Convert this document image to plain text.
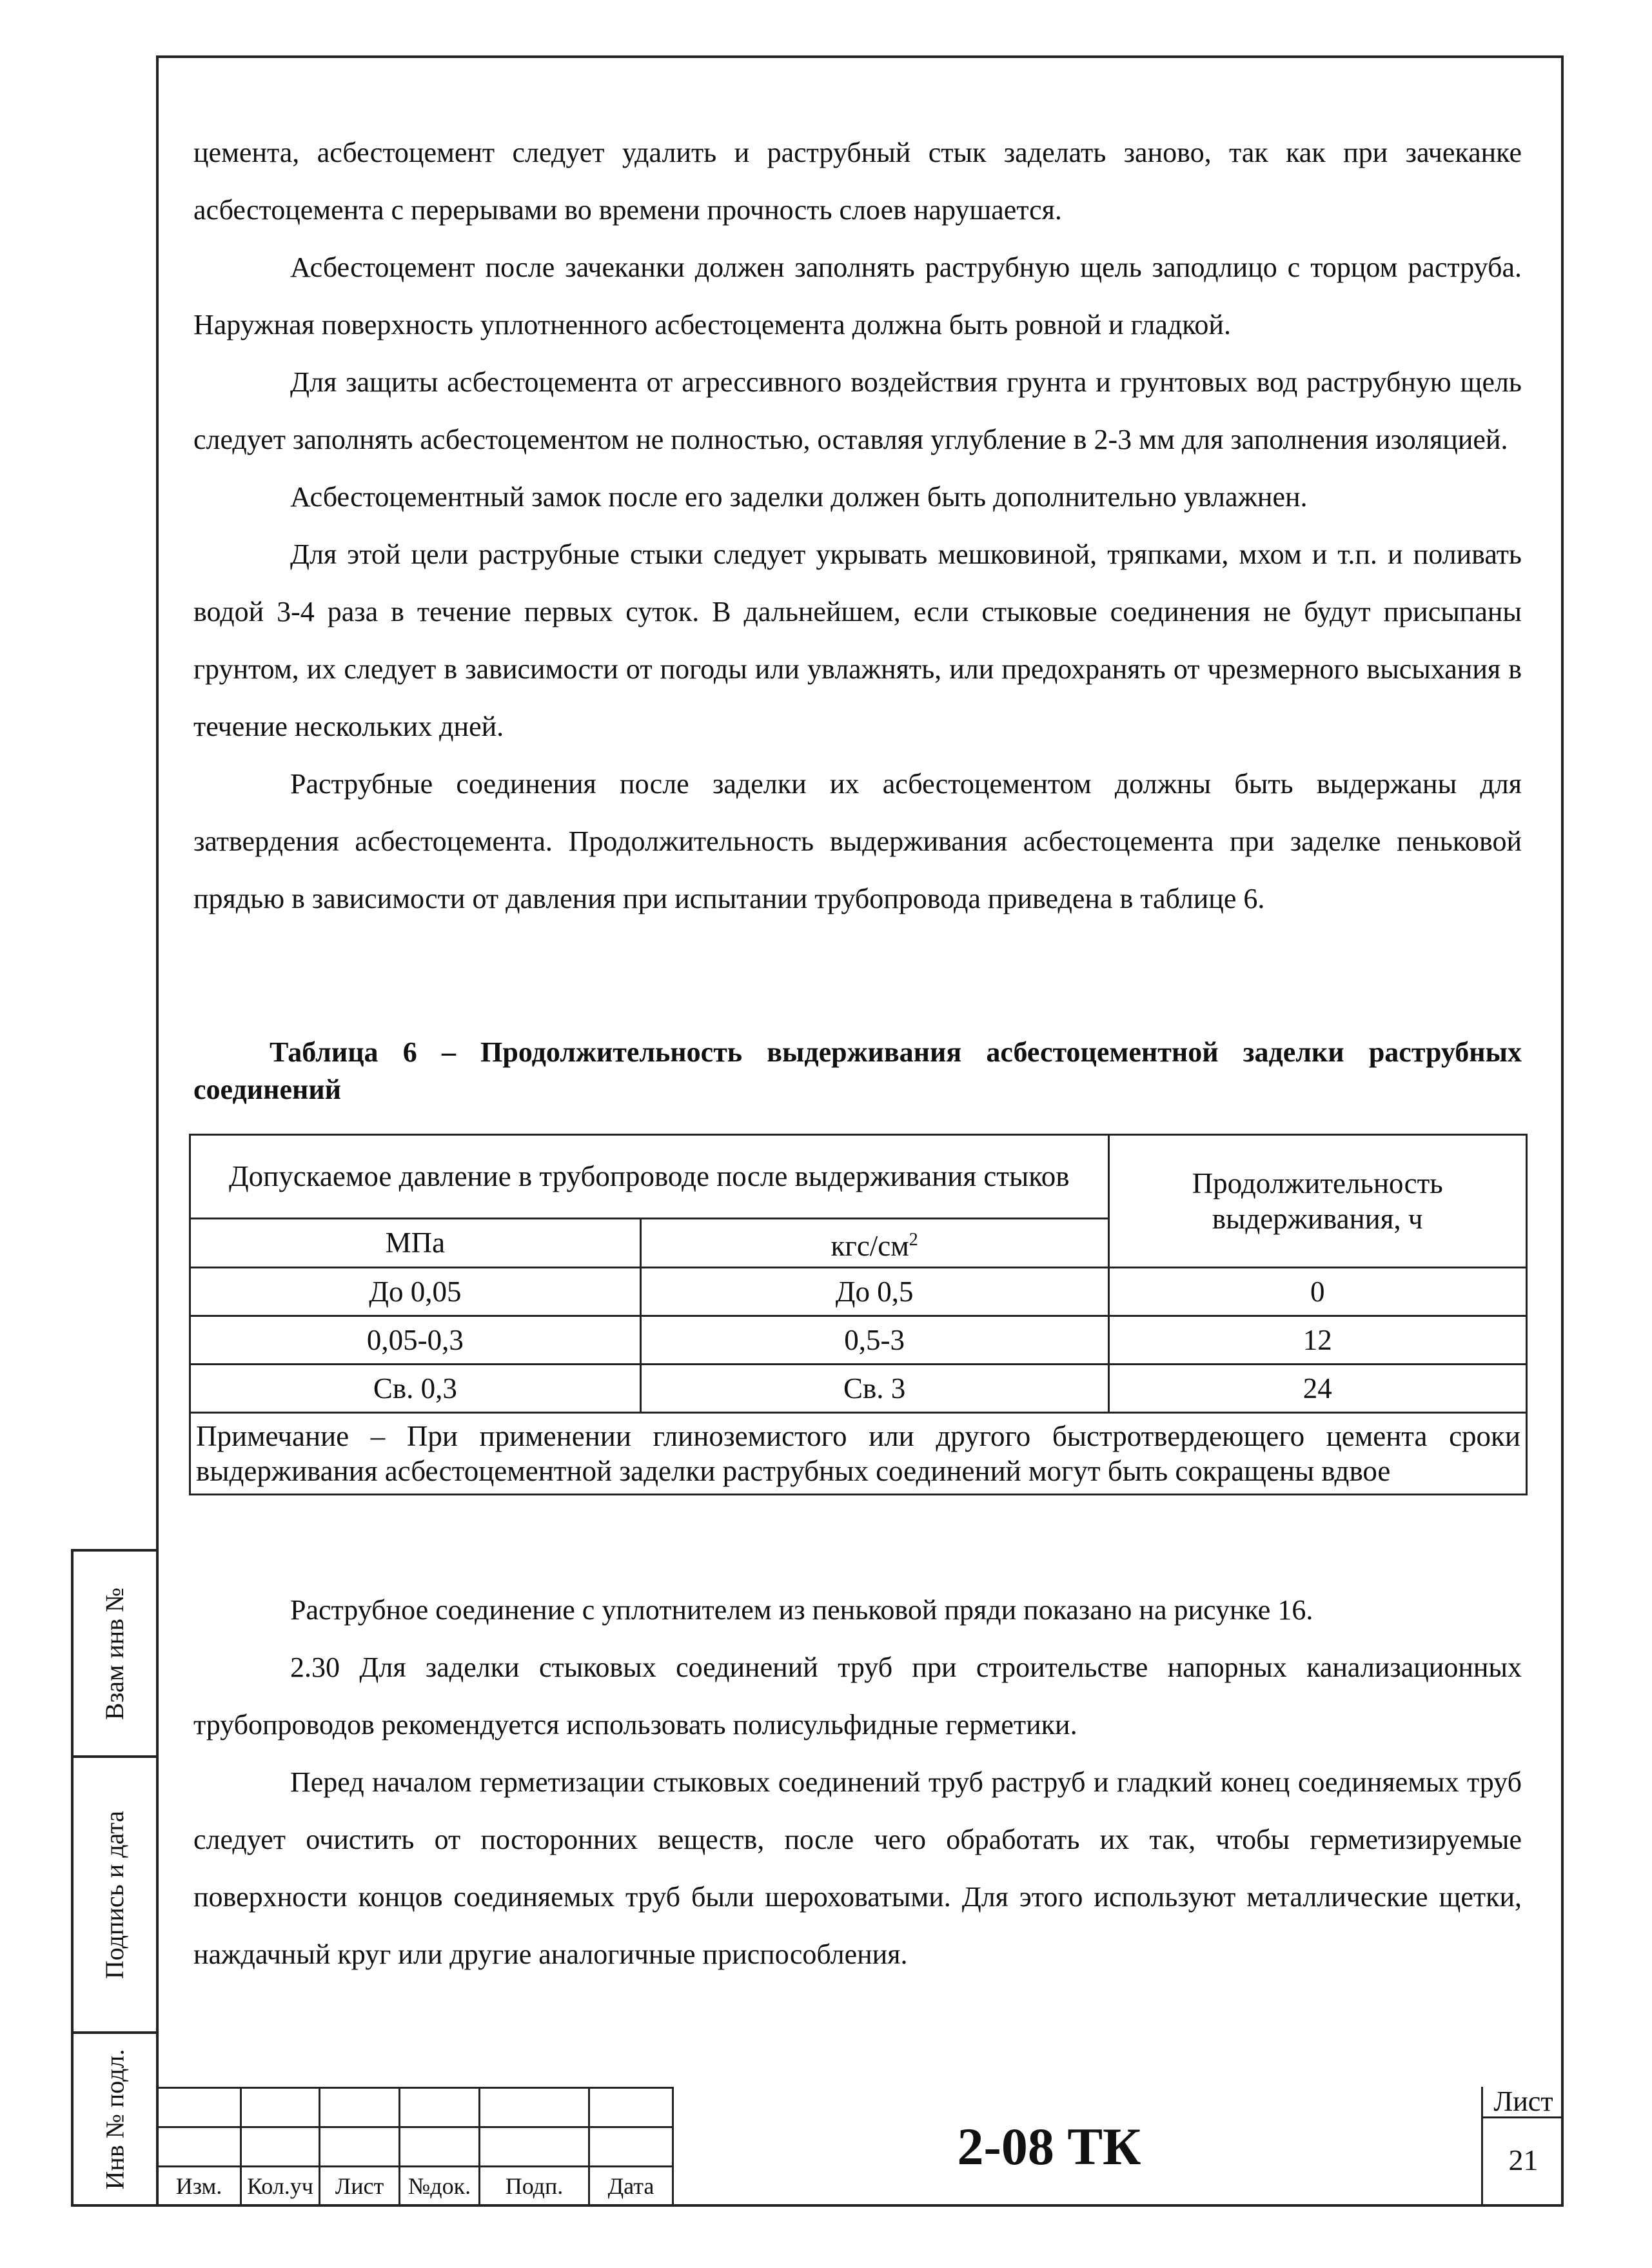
Взам инв №
Подпись и дата
Инв № подл.

цемента, асбестоцемент следует удалить и раструбный стык заделать заново, так как при зачеканке асбестоцемента с перерывами во времени прочность слоев нарушается.

Асбестоцемент после зачеканки должен заполнять раструбную щель заподлицо с торцом раструба. Наружная поверхность уплотненного асбестоцемента должна быть ровной и гладкой.

Для защиты асбестоцемента от агрессивного воздействия грунта и грунтовых вод раструбную щель следует заполнять асбестоцементом не полностью, оставляя углубление в 2-3 мм для заполнения изоляцией.

Асбестоцементный замок после его заделки должен быть дополнительно увлажнен.

Для этой цели раструбные стыки следует укрывать мешковиной, тряпками, мхом и т.п. и поливать водой 3-4 раза в течение первых суток. В дальнейшем, если стыковые соединения не будут присыпаны грунтом, их следует в зависимости от погоды или увлажнять, или предохранять от чрезмерного высыхания в течение нескольких дней.

Раструбные соединения после заделки их асбестоцементом должны быть выдержаны для затвердения асбестоцемента. Продолжительность выдерживания асбестоцемента при заделке пеньковой прядью в зависимости от давления при испытании трубопровода приведена в таблице 6.

Таблица 6 – Продолжительность выдерживания асбестоцементной заделки раструбных соединений

Допускаемое давление в трубопроводе после выдерживания стыков		Продолжительность выдерживания, ч
МПа	кгс/$см^2$
До 0,05	До 0,5	0
0,05-0,3	0,5-3	12
Св. 0,3	Св. 3	24
Примечание – При применении глиноземистого или другого быстротвердеющего цемента сроки выдерживания асбестоцементной заделки раструбных соединений могут быть сокращены вдвое		

Раструбное соединение с уплотнителем из пеньковой пряди показано на рисунке 16.

2.30 Для заделки стыковых соединений труб при строительстве напорных канализационных трубопроводов рекомендуется использовать полисульфидные герметики.

Перед началом герметизации стыковых соединений труб раструб и гладкий конец соединяемых труб следует очистить от посторонних веществ, после чего обработать их так, чтобы герметизируемые поверхности концов соединяемых труб были шероховатыми. Для этого используют металлические щетки, наждачный круг или другие аналогичные приспособления.

Изм.	Кол.уч	Лист	№док.	Подп.	Дата
2-08 ТК
Лист
21
